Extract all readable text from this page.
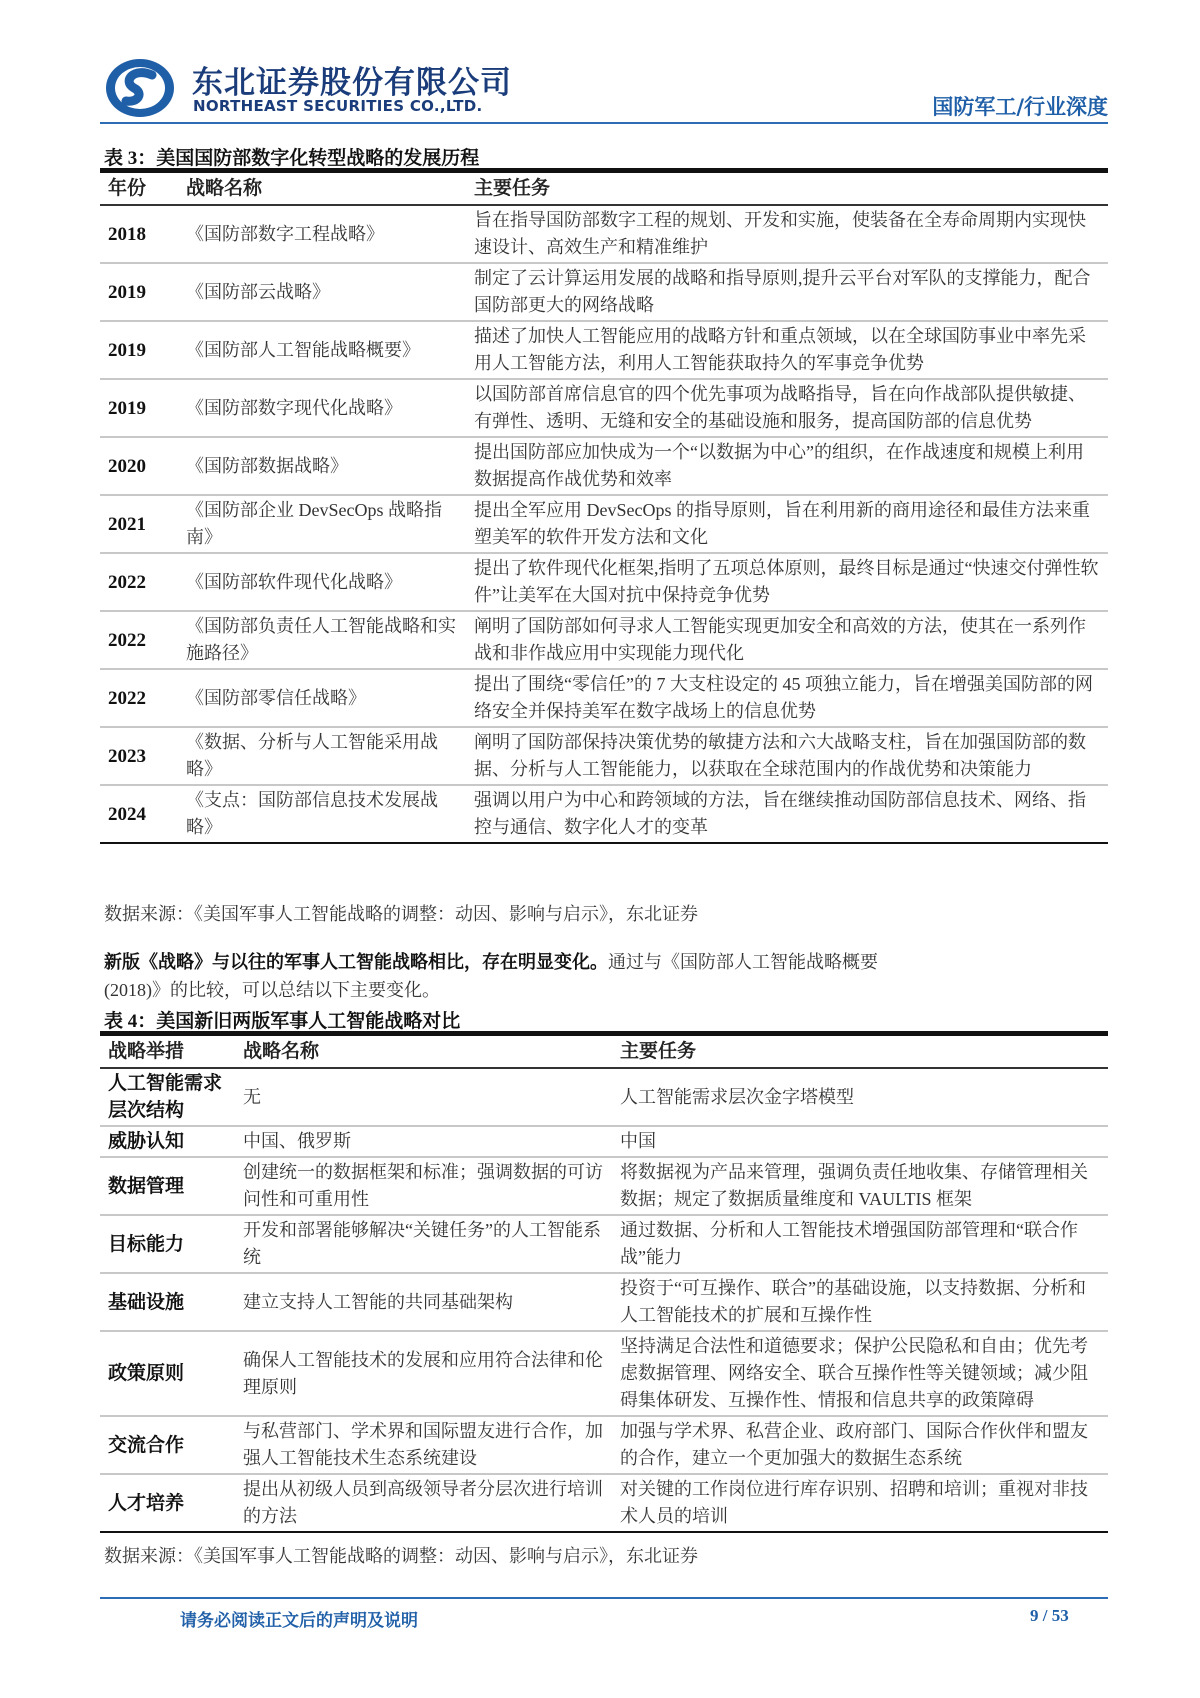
东北证券股份有限公司
NORTHEAST SECURITIES CO.,LTD.	国防军工/行业深度
表 3：美国国防部数字化转型战略的发展历程
年份	战略名称	主要任务
2018	《国防部数字工程战略》	旨在指导国防部数字工程的规划、开发和实施，使装备在全寿命周期内实现快速设计、高效生产和精准维护
2019	《国防部云战略》	制定了云计算运用发展的战略和指导原则,提升云平台对军队的支撑能力，配合国防部更大的网络战略
2019	《国防部人工智能战略概要》	描述了加快人工智能应用的战略方针和重点领域，以在全球国防事业中率先采用人工智能方法，利用人工智能获取持久的军事竞争优势
2019	《国防部数字现代化战略》	以国防部首席信息官的四个优先事项为战略指导，旨在向作战部队提供敏捷、有弹性、透明、无缝和安全的基础设施和服务，提高国防部的信息优势
2020	《国防部数据战略》	提出国防部应加快成为一个“以数据为中心”的组织，在作战速度和规模上利用数据提高作战优势和效率
2021	《国防部企业 DevSecOps 战略指南》	提出全军应用 DevSecOps 的指导原则，旨在利用新的商用途径和最佳方法来重塑美军的软件开发方法和文化
2022	《国防部软件现代化战略》	提出了软件现代化框架,指明了五项总体原则，最终目标是通过“快速交付弹性软件”让美军在大国对抗中保持竞争优势
2022	《国防部负责任人工智能战略和实施路径》	阐明了国防部如何寻求人工智能实现更加安全和高效的方法，使其在一系列作战和非作战应用中实现能力现代化
2022	《国防部零信任战略》	提出了围绕“零信任”的 7 大支柱设定的 45 项独立能力，旨在增强美国防部的网络安全并保持美军在数字战场上的信息优势
2023	《数据、分析与人工智能采用战略》	阐明了国防部保持决策优势的敏捷方法和六大战略支柱，旨在加强国防部的数据、分析与人工智能能力，以获取在全球范围内的作战优势和决策能力
2024	《支点：国防部信息技术发展战略》	强调以用户为中心和跨领域的方法，旨在继续推动国防部信息技术、网络、指控与通信、数字化人才的变革
数据来源：《美国军事人工智能战略的调整：动因、影响与启示》，东北证券
新版《战略》与以往的军事人工智能战略相比，存在明显变化。通过与《国防部人工智能战略概要(2018)》的比较，可以总结以下主要变化。
表 4：美国新旧两版军事人工智能战略对比
战略举措	战略名称	主要任务
人工智能需求层次结构	无	人工智能需求层次金字塔模型
威胁认知	中国、俄罗斯	中国
数据管理	创建统一的数据框架和标准；强调数据的可访问性和可重用性	将数据视为产品来管理，强调负责任地收集、存储管理相关数据；规定了数据质量维度和 VAULTIS 框架
目标能力	开发和部署能够解决“关键任务”的人工智能系统	通过数据、分析和人工智能技术增强国防部管理和“联合作战”能力
基础设施	建立支持人工智能的共同基础架构	投资于“可互操作、联合”的基础设施，以支持数据、分析和人工智能技术的扩展和互操作性
政策原则	确保人工智能技术的发展和应用符合法律和伦理原则	坚持满足合法性和道德要求；保护公民隐私和自由；优先考虑数据管理、网络安全、联合互操作性等关键领域；减少阻碍集体研发、互操作性、情报和信息共享的政策障碍
交流合作	与私营部门、学术界和国际盟友进行合作，加强人工智能技术生态系统建设	加强与学术界、私营企业、政府部门、国际合作伙伴和盟友的合作，建立一个更加强大的数据生态系统
人才培养	提出从初级人员到高级领导者分层次进行培训的方法	对关键的工作岗位进行库存识别、招聘和培训；重视对非技术人员的培训
数据来源：《美国军事人工智能战略的调整：动因、影响与启示》，东北证券
请务必阅读正文后的声明及说明	9 / 53
